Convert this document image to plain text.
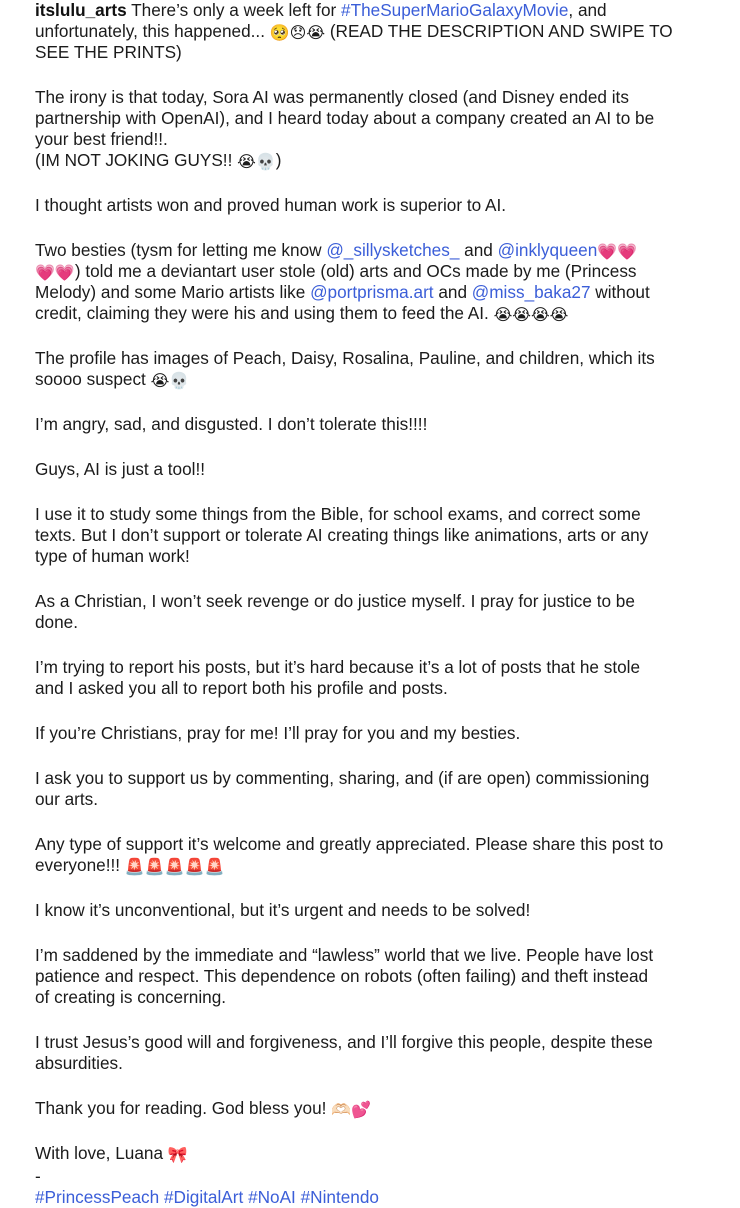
itslulu_arts There’s only a week left for #TheSuperMarioGalaxyMovie, and
unfortunately, this happened... 🥺😞😭 (READ THE DESCRIPTION AND SWIPE TO
SEE THE PRINTS)
The irony is that today, Sora AI was permanently closed (and Disney ended its
partnership with OpenAI), and I heard today about a company created an AI to be
your best friend!!.
(IM NOT JOKING GUYS!! 😭💀)
I thought artists won and proved human work is superior to AI.
Two besties (tysm for letting me know @_sillysketches_ and @inklyqueen💗💗
💗💗) told me a deviantart user stole (old) arts and OCs made by me (Princess
Melody) and some Mario artists like @portprisma.art and @miss_baka27 without
credit, claiming they were his and using them to feed the AI. 😭😭😭😭
The profile has images of Peach, Daisy, Rosalina, Pauline, and children, which its
soooo suspect 😭💀
I’m angry, sad, and disgusted. I don’t tolerate this!!!!
Guys, AI is just a tool!!
I use it to study some things from the Bible, for school exams, and correct some
texts. But I don’t support or tolerate AI creating things like animations, arts or any
type of human work!
As a Christian, I won’t seek revenge or do justice myself. I pray for justice to be
done.
I’m trying to report his posts, but it’s hard because it’s a lot of posts that he stole
and I asked you all to report both his profile and posts.
If you’re Christians, pray for me! I’ll pray for you and my besties.
I ask you to support us by commenting, sharing, and (if are open) commissioning
our arts.
Any type of support it’s welcome and greatly appreciated. Please share this post to
everyone!!! 🚨🚨🚨🚨🚨
I know it’s unconventional, but it’s urgent and needs to be solved!
I’m saddened by the immediate and “lawless” world that we live. People have lost
patience and respect. This dependence on robots (often failing) and theft instead
of creating is concerning.
I trust Jesus’s good will and forgiveness, and I’ll forgive this people, despite these
absurdities.
Thank you for reading. God bless you! 🫶🏻💕
With love, Luana 🎀
-
#PrincessPeach #DigitalArt #NoAI #Nintendo
